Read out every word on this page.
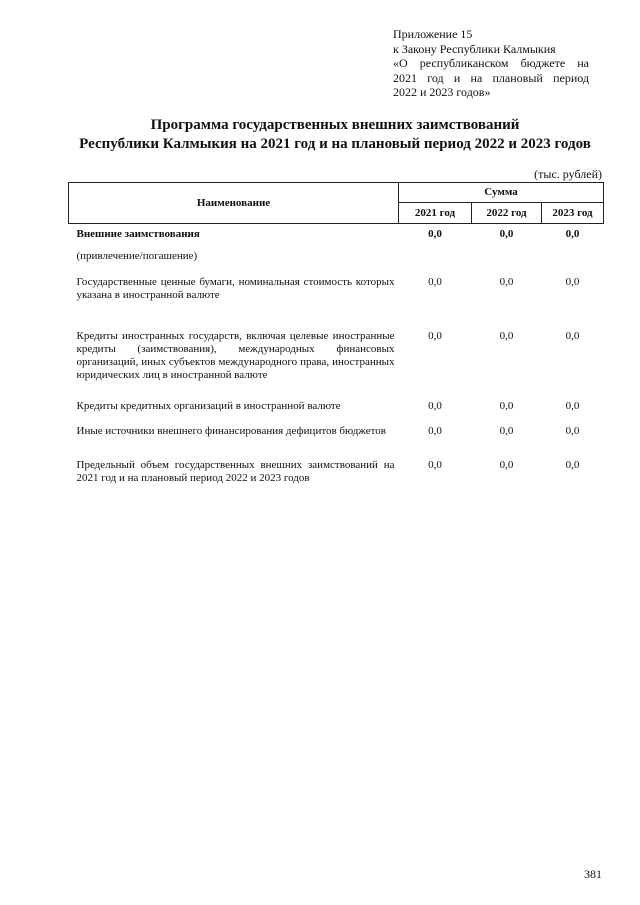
Приложение 15
к Закону Республики Калмыкия
«О республиканском бюджете на
2021 год и на плановый период
2022 и 2023 годов»
Программа государственных внешних заимствований
Республики Калмыкия на 2021 год и на плановый период 2022 и 2023 годов
(тыс. рублей)
Наименование	Сумма		
	2021 год	2022 год	2023 год
Внешние заимствования	0,0	0,0	0,0
(привлечение/погашение)			
Государственные ценные бумаги, номинальная стоимость которых указана в иностранной валюте	0,0	0,0	0,0
Кредиты иностранных государств, включая целевые иностранные кредиты (заимствования), международных финансовых организаций, иных субъектов международного права, иностранных юридических лиц в иностранной валюте	0,0	0,0	0,0
Кредиты кредитных организаций в иностранной валюте	0,0	0,0	0,0
Иные источники внешнего финансирования дефицитов бюджетов	0,0	0,0	0,0
Предельный объем государственных внешних заимствований на 2021 год и на плановый период 2022 и 2023 годов	0,0	0,0	0,0
381
